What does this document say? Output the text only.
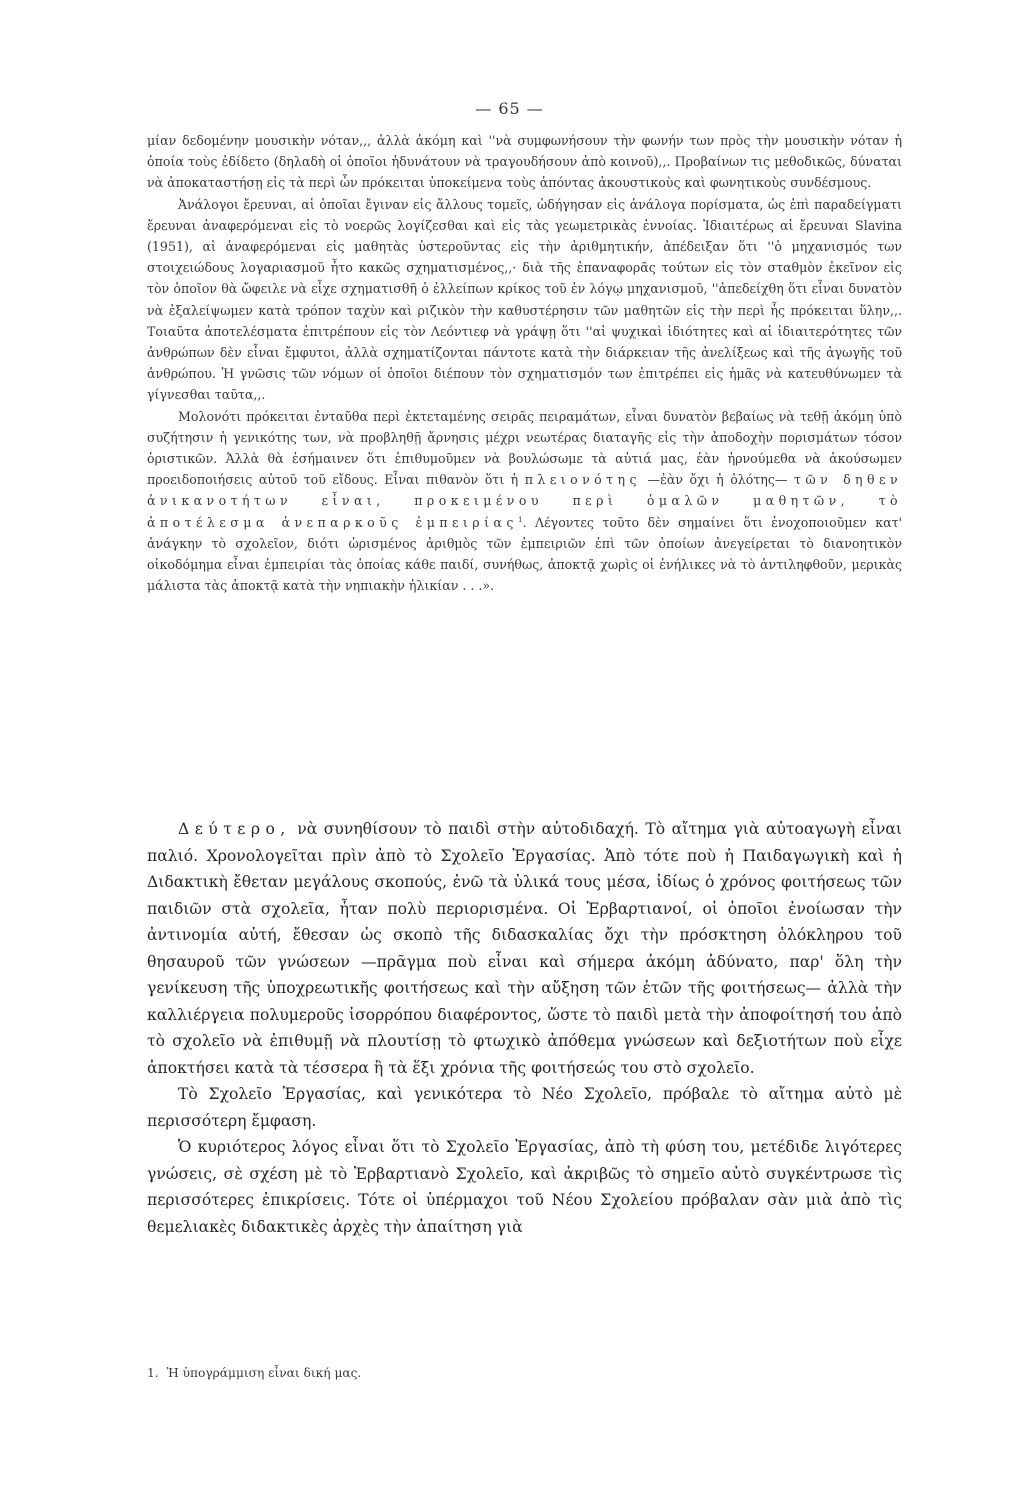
— 65 —

μίαν δεδομένην μουσικὴν νόταν,,, ἀλλὰ ἀκόμη καὶ ''νὰ συμφωνήσουν τὴν φωνήν των πρὸς τὴν μουσικὴν νόταν ἡ ὁποία τοὺς ἐδίδετο (δηλαδὴ οἱ ὁποῖοι ἠδυνάτουν νὰ τραγουδήσουν ἀπὸ κοινοῦ),,. Προβαίνων τις μεθοδικῶς, δύναται νὰ ἀποκαταστήσῃ εἰς τὰ περὶ ὧν πρόκειται ὑποκείμενα τοὺς ἀπόντας ἀκουστικοὺς καὶ φωνητικοὺς συνδέσμους.

Ἀνάλογοι ἔρευναι, αἱ ὁποῖαι ἔγιναν εἰς ἄλλους τομεῖς, ὡδήγησαν εἰς ἀνάλογα πορίσματα, ὡς ἐπὶ παραδείγματι ἔρευναι ἀναφερόμεναι εἰς τὸ νοερῶς λογίζεσθαι καὶ εἰς τὰς γεωμετρικὰς ἐννοίας. Ἰδιαιτέρως αἱ ἔρευναι Slavina (1951), αἱ ἀναφερόμεναι εἰς μαθητὰς ὑστεροῦντας εἰς τὴν ἀριθμητικήν, ἀπέδειξαν ὅτι ''ὁ μηχανισμός των στοιχειώδους λογαριασμοῦ ἦτο κακῶς σχηματισμένος,,· διὰ τῆς ἐπαναφορᾶς τούτων εἰς τὸν σταθμὸν ἐκεῖνον εἰς τὸν ὁποῖον θὰ ὤφειλε νὰ εἶχε σχηματισθῆ ὁ ἐλλείπων κρίκος τοῦ ἐν λόγῳ μηχανισμοῦ, ''ἀπεδείχθη ὅτι εἶναι δυνατὸν νὰ ἐξαλείψωμεν κατὰ τρόπον ταχὺν καὶ ριζικὸν τὴν καθυστέρησιν τῶν μαθητῶν εἰς τὴν περὶ ἧς πρόκειται ὕλην,,. Τοιαῦτα ἀποτελέσματα ἐπιτρέπουν εἰς τὸν Λεόντιεφ νὰ γράψῃ ὅτι ''αἱ ψυχικαὶ ἰδιότητες καὶ αἱ ἰδιαιτερότητες τῶν ἀνθρώπων δὲν εἶναι ἔμφυτοι, ἀλλὰ σχηματίζονται πάντοτε κατὰ τὴν διάρκειαν τῆς ἀνελίξεως καὶ τῆς ἀγωγῆς τοῦ ἀνθρώπου. Ἡ γνῶσις τῶν νόμων οἱ ὁποῖοι διέπουν τὸν σχηματισμόν των ἐπιτρέπει εἰς ἡμᾶς νὰ κατευθύνωμεν τὰ γίγνεσθαι ταῦτα,,.

Μολονότι πρόκειται ἐνταῦθα περὶ ἐκτεταμένης σειρᾶς πειραμάτων, εἶναι δυνατὸν βεβαίως νὰ τεθῇ ἀκόμη ὑπὸ συζήτησιν ἡ γενικότης των, νὰ προβληθῇ ἄρνησις μέχρι νεωτέρας διαταγῆς εἰς τὴν ἀποδοχὴν πορισμάτων τόσον ὁριστικῶν. Ἀλλὰ θὰ ἐσήμαινεν ὅτι ἐπιθυμοῦμεν νὰ βουλώσωμε τὰ αὐτιά μας, ἐὰν ἠρνούμεθα νὰ ἀκούσωμεν προειδοποιήσεις αὐτοῦ τοῦ εἴδους. Εἶναι πιθανὸν ὅτι ἡ πλειονότης —ἐὰν ὄχι ἡ ὁλότης— τῶν δηθεν ἀνικανοτήτων εἶναι, προκειμένου περὶ ὁμαλῶν μαθητῶν, τὸ ἀποτέλεσμα ἀνεπαρκοῦς ἐμπειρίας$^1$. Λέγοντες τοῦτο δὲν σημαίνει ὅτι ἐνοχοποιοῦμεν κατ' ἀνάγκην τὸ σχολεῖον, διότι ὡρισμένος ἀριθμὸς τῶν ἐμπειριῶν ἐπὶ τῶν ὁποίων ἀνεγείρεται τὸ διανοητικὸν οἰκοδόμημα εἶναι ἐμπειρίαι τὰς ὁποίας κάθε παιδί, συνήθως, ἀποκτᾷ χωρὶς οἱ ἐνήλικες νὰ τὸ ἀντιληφθοῦν, μερικὰς μάλιστα τὰς ἀποκτᾷ κατὰ τὴν νηπιακὴν ἡλικίαν . . .».

Δεύτερο, νὰ συνηθίσουν τὸ παιδὶ στὴν αὐτοδιδαχή. Τὸ αἴτημα γιὰ αὐτοαγωγὴ εἶναι παλιό. Χρονολογεῖται πρὶν ἀπὸ τὸ Σχολεῖο Ἐργασίας. Ἀπὸ τότε ποὺ ἡ Παιδαγωγικὴ καὶ ἡ Διδακτικὴ ἔθεταν μεγάλους σκοπούς, ἐνῶ τὰ ὑλικά τους μέσα, ἰδίως ὁ χρόνος φοιτήσεως τῶν παιδιῶν στὰ σχολεῖα, ἦταν πολὺ περιορισμένα. Οἱ Ἑρβαρτιανοί, οἱ ὁποῖοι ἐνοίωσαν τὴν ἀντινομία αὐτή, ἔθεσαν ὡς σκοπὸ τῆς διδασκαλίας ὄχι τὴν πρόσκτηση ὁλόκληρου τοῦ θησαυροῦ τῶν γνώσεων —πρᾶγμα ποὺ εἶναι καὶ σήμερα ἀκόμη ἀδύνατο, παρ' ὅλη τὴν γενίκευση τῆς ὑποχρεωτικῆς φοιτήσεως καὶ τὴν αὔξηση τῶν ἐτῶν τῆς φοιτήσεως— ἀλλὰ τὴν καλλιέργεια πολυμεροῦς ἰσορρόπου διαφέροντος, ὥστε τὸ παιδὶ μετὰ τὴν ἀποφοίτησή του ἀπὸ τὸ σχολεῖο νὰ ἐπιθυμῇ νὰ πλουτίσῃ τὸ φτωχικὸ ἀπόθεμα γνώσεων καὶ δεξιοτήτων ποὺ εἶχε ἀποκτήσει κατὰ τὰ τέσσερα ἢ τὰ ἕξι χρόνια τῆς φοιτήσεώς του στὸ σχολεῖο.

Τὸ Σχολεῖο Ἐργασίας, καὶ γενικότερα τὸ Νέο Σχολεῖο, πρόβαλε τὸ αἴτημα αὐτὸ μὲ περισσότερη ἔμφαση.

Ὁ κυριότερος λόγος εἶναι ὅτι τὸ Σχολεῖο Ἐργασίας, ἀπὸ τὴ φύση του, μετέδιδε λιγότερες γνώσεις, σὲ σχέση μὲ τὸ Ἑρβαρτιανὸ Σχολεῖο, καὶ ἀκριβῶς τὸ σημεῖο αὐτὸ συγκέντρωσε τὶς περισσότερες ἐπικρίσεις. Τότε οἱ ὑπέρμαχοι τοῦ Νέου Σχολείου πρόβαλαν σὰν μιὰ ἀπὸ τὶς θεμελιακὲς διδακτικὲς ἀρχὲς τὴν ἀπαίτηση γιὰ

1. Ἡ ὑπογράμμιση εἶναι δική μας.
